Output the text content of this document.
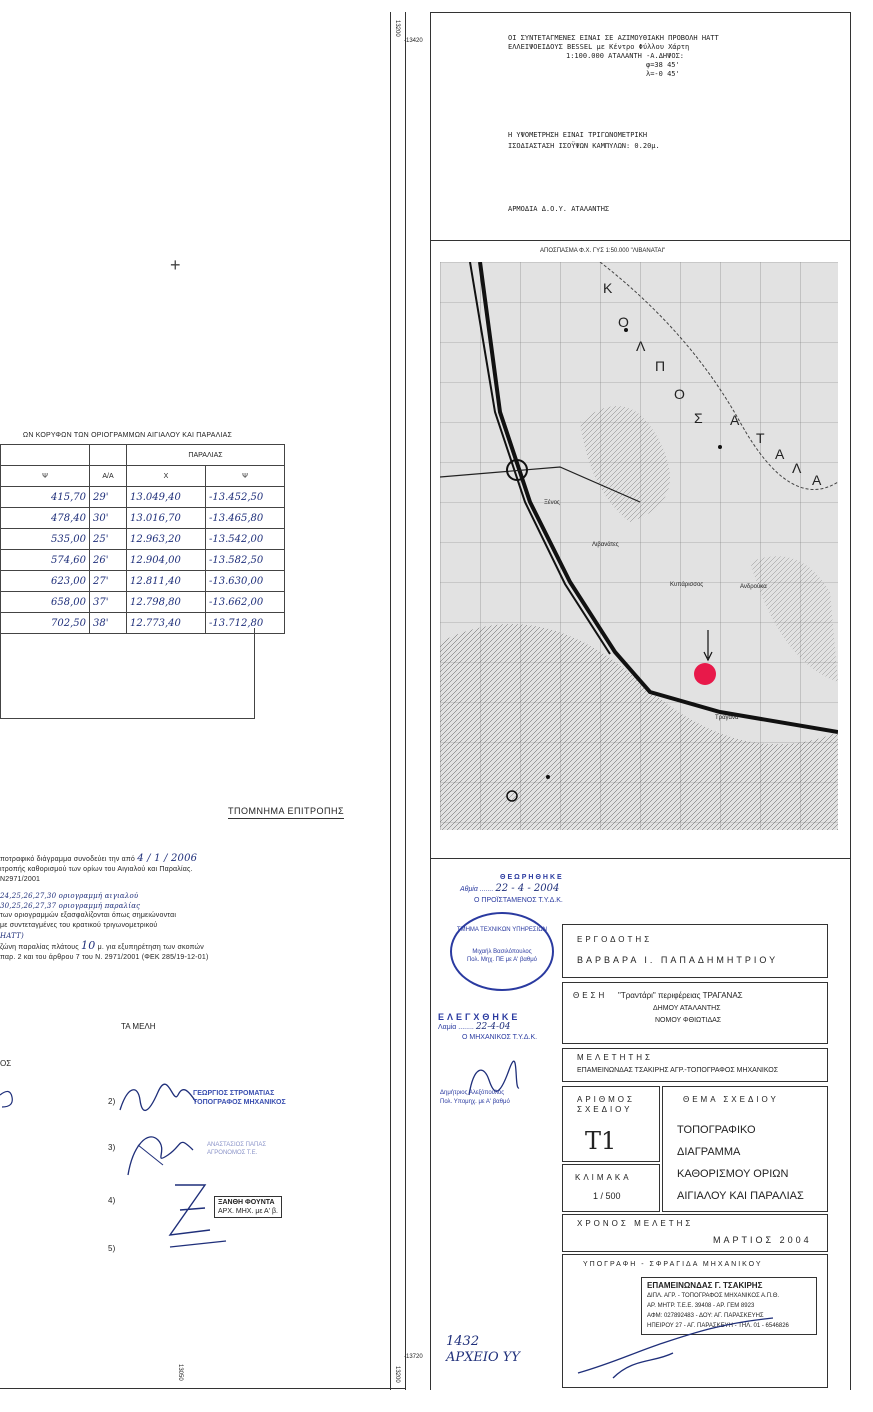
13200
-13420
-13720
13050	13200
+
ΩΝ ΚΟΡΥΦΩΝ ΤΩΝ ΟΡΙΟΓΡΑΜΜΩΝ ΑΙΓΙΑΛΟΥ ΚΑΙ ΠΑΡΑΛΙΑΣ
		ΠΑΡΑΛΙΑΣ	
Ψ	Α/Α	Χ	Ψ
415,70	29'	13.049,40	-13.452,50
478,40	30'	13.016,70	-13.465,80
535,00	25'	12.963,20	-13.542,00
574,60	26'	12.904,00	-13.582,50
623,00	27'	12.811,40	-13.630,00
658,00	37'	12.798,80	-13.662,00
702,50	38'	12.773,40	-13.712,80
ΤΠΟΜΝΗΜΑ ΕΠΙΤΡΟΠΗΣ
ποτραφικό διάγραμμα συνοδεύει την από 4 / 1 / 2006
ιτροπής καθορισμού των ορίων του Αιγιαλού και Παραλίας.
N2971/2001
24,25,26,27,30 οριογραμμή αιγιαλού
30,25,26,27,37 οριογραμμή παραλίας
των οριογραμμών εξασφαλίζονται όπως σημειώνονται
με συντεταγμένες του κρατικού τριγωνομετρικού
HATT)
ζώνη παραλίας πλάτους 10 μ. για εξυπηρέτηση των σκοπών
παρ. 2 και του άρθρου 7 του Ν. 2971/2001 (ΦΕΚ 285/19-12-01)
ΤΑ ΜΕΛΗ
ΟΣ
2)
3)
4)
5)
ΓΕΩΡΓΙΟΣ ΣΤΡΟΜΑΤΙΑΣ
ΤΟΠΟΓΡΑΦΟΣ ΜΗΧΑΝΙΚΟΣ
ΑΝΑΣΤΑΣΙΟΣ ΠΑΠΑΣ
ΑΓΡΟΝΟΜΟΣ Τ.Ε.
ΞΑΝΘΗ ΦΟΥΝΤΑ
ΑΡΧ. ΜΗΧ. με Α' β.
ΟΙ ΣΥΝΤΕΤΑΓΜΕΝΕΣ ΕΙΝΑΙ ΣΕ ΑΖΙΜΟΥΘΙΑΚΗ ΠΡΟΒΟΛΗ HATT
ΕΛΛΕΙΨΟΕΙΔΟΥΣ BESSEL με Κέντρο Φύλλου Χάρτη
1:100.000 ΑΤΑΛΑΝΤΗ -Α.ΔΗΨΟΣ:
φ=38 45'
λ=-0 45'
Η ΥΨΟΜΕΤΡΗΣΗ ΕΙΝΑΙ ΤΡΙΓΩΝΟΜΕΤΡΙΚΗ
ΙΣΟΔΙΑΣΤΑΣΗ ΙΣΟΫΨΩΝ ΚΑΜΠΥΛΩΝ: 0.20μ.
ΑΡΜΟΔΙΑ Δ.Ο.Υ. ΑΤΑΛΑΝΤΗΣ
ΑΠΟΣΠΑΣΜΑ Φ.Χ. ΓΥΣ 1:50.000 "ΛΙΒΑΝΑΤΑΙ"
Κ
Ο
Λ
Π
Ο
Σ Α
Τ
Α
Λ
Α
Λιβανάτες
Κυπάρισσος
Τραγάνα
Ανδρούκα
Ξένος
ΘΕΩΡΗΘΗΚΕ
Αθμία ....... 22 - 4 - 2004
Ο ΠΡΟΪΣΤΑΜΕΝΟΣ Τ.Υ.Δ.Κ.
ΤΜΗΜΑ ΤΕΧΝΙΚΩΝ ΥΠΗΡΕΣΙΩΝ
Μιχαήλ Βασιλόπουλος
Πολ. Μηχ. ΠΕ με Α' βαθμό
ΕΛΕΓΧΘΗΚΕ
Λαμία ........ 22-4-04
Ο ΜΗΧΑΝΙΚΟΣ Τ.Υ.Δ.Κ.
Δημήτριος Αλεξόπουλος
Πολ. Υπομηχ. με Α' βαθμό
ΕΡΓΟΔΟΤΗΣ
ΒΑΡΒΑΡΑ Ι. ΠΑΠΑΔΗΜΗΤΡΙΟΥ
ΘΕΣΗ "Τραντάρι" περιφέρειας ΤΡΑΓΑΝΑΣ
ΔΗΜΟΥ ΑΤΑΛΑΝΤΗΣ
ΝΟΜΟΥ ΦΘΙΩΤΙΔΑΣ
ΜΕΛΕΤΗΤΗΣ
ΕΠΑΜΕΙΝΩΝΔΑΣ ΤΣΑΚΙΡΗΣ ΑΓΡ.-ΤΟΠΟΓΡΑΦΟΣ ΜΗΧΑΝΙΚΟΣ
ΑΡΙΘΜΟΣ ΣΧΕΔΙΟΥ
T1
ΘΕΜΑ ΣΧΕΔΙΟΥ
ΤΟΠΟΓΡΑΦΙΚΟ
ΔΙΑΓΡΑΜΜΑ
ΚΑΘΟΡΙΣΜΟΥ ΟΡΙΩΝ
ΑΙΓΙΑΛΟΥ ΚΑΙ ΠΑΡΑΛΙΑΣ
ΚΛΙΜΑΚΑ
1 / 500
ΧΡΟΝΟΣ ΜΕΛΕΤΗΣ
ΜΑΡΤΙΟΣ 2004
ΥΠΟΓΡΑΦΗ - ΣΦΡΑΓΙΔΑ ΜΗΧΑΝΙΚΟΥ
ΕΠΑΜΕΙΝΩΝΔΑΣ Γ. ΤΣΑΚΙΡΗΣ
ΔΙΠΛ. ΑΓΡ. - ΤΟΠΟΓΡΑΦΟΣ ΜΗΧΑΝΙΚΟΣ Α.Π.Θ.
ΑΡ. ΜΗΤΡ. Τ.Ε.Ε. 39408 - ΑΡ. ΓΕΜ 8923
ΑΦΜ: 027892483 - ΔΟΥ: ΑΓ. ΠΑΡΑΣΚΕΥΗΣ
ΗΠΕΙΡΟΥ 27 - ΑΓ. ΠΑΡΑΣΚΕΥΗ - ΤΗΛ. 01 - 6546826
1432
ΑΡΧΕΙΟ ΥΥ
